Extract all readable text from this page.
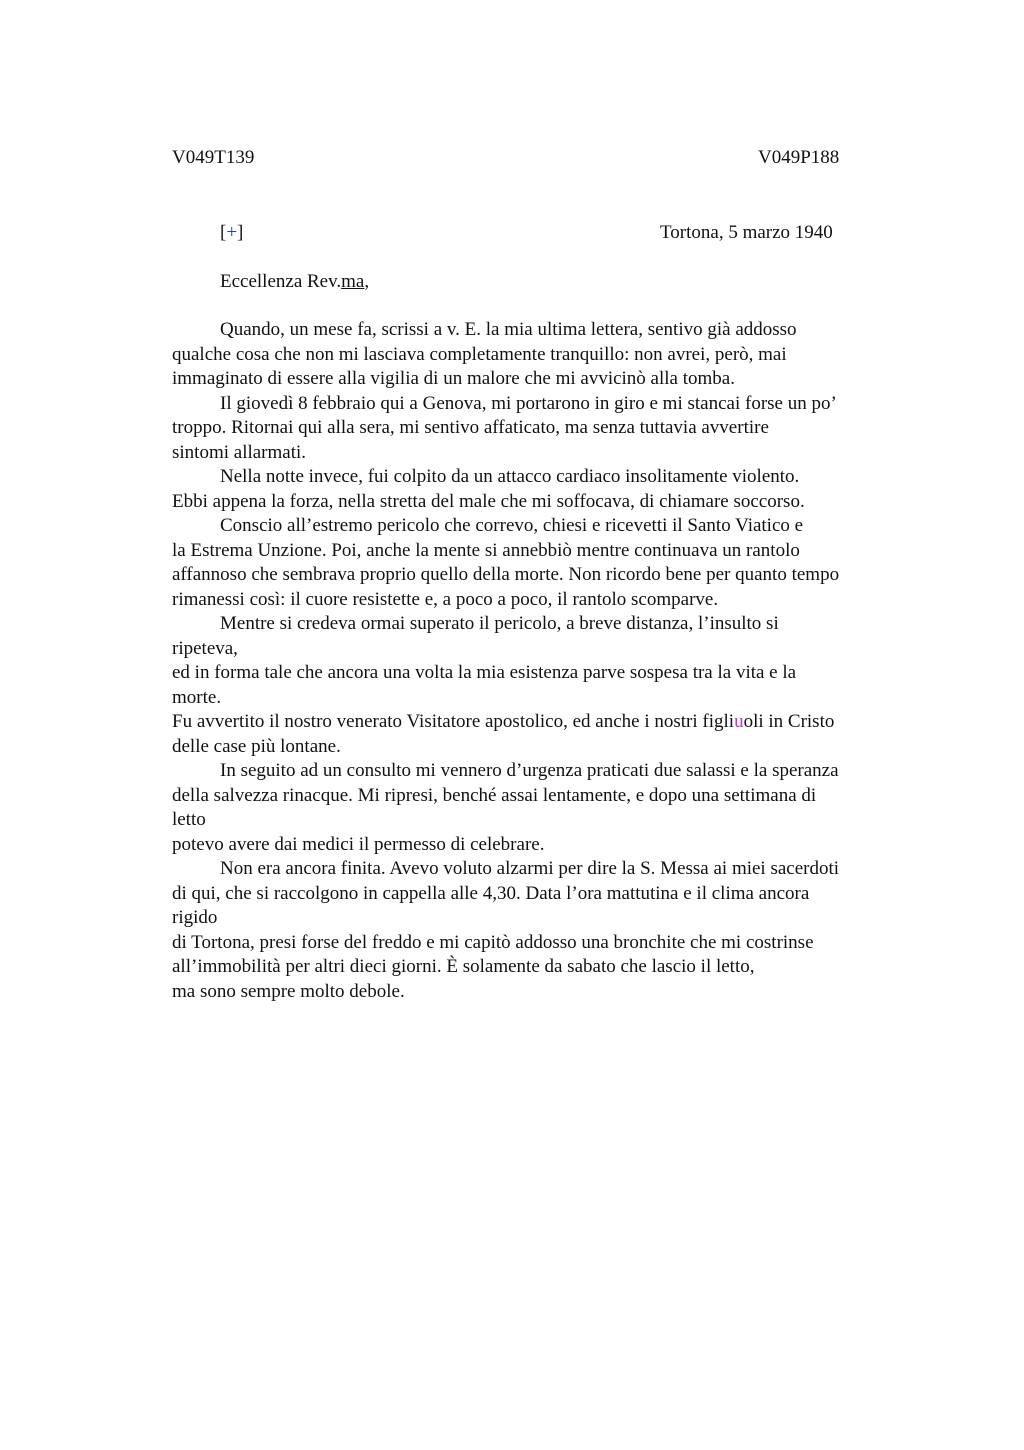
V049T139	V049P188
[+]	Tortona, 5 marzo 1940
Eccellenza Rev.ma,
Quando, un mese fa, scrissi a v. E. la mia ultima lettera, sentivo già addosso
qualche cosa che non mi lasciava completamente tranquillo: non avrei, però, mai
immaginato di essere alla vigilia di un malore che mi avvicinò alla tomba.
Il giovedì 8 febbraio qui a Genova, mi portarono in giro e mi stancai forse un po’
troppo. Ritornai qui alla sera, mi sentivo affaticato, ma senza tuttavia avvertire
sintomi allarmati.
Nella notte invece, fui colpito da un attacco cardiaco insolitamente violento.
Ebbi appena la forza, nella stretta del male che mi soffocava, di chiamare soccorso.
Conscio all’estremo pericolo che correvo, chiesi e ricevetti il Santo Viatico e
la Estrema Unzione. Poi, anche la mente si annebbiò mentre continuava un rantolo
affannoso che sembrava proprio quello della morte. Non ricordo bene per quanto tempo
rimanessi così: il cuore resistette e, a poco a poco, il rantolo scomparve.
Mentre si credeva ormai superato il pericolo, a breve distanza, l’insulto si
ripeteva,
ed in forma tale che ancora una volta la mia esistenza parve sospesa tra la vita e la
morte.
Fu avvertito il nostro venerato Visitatore apostolico, ed anche i nostri figliuoli in Cristo
delle case più lontane.
In seguito ad un consulto mi vennero d’urgenza praticati due salassi e la speranza
della salvezza rinacque. Mi ripresi, benché assai lentamente, e dopo una settimana di
letto
potevo avere dai medici il permesso di celebrare.
Non era ancora finita. Avevo voluto alzarmi per dire la S. Messa ai miei sacerdoti
di qui, che si raccolgono in cappella alle 4,30. Data l’ora mattutina e il clima ancora
rigido
di Tortona, presi forse del freddo e mi capitò addosso una bronchite che mi costrinse
all’immobilità per altri dieci giorni. È solamente da sabato che lascio il letto,
ma sono sempre molto debole.
